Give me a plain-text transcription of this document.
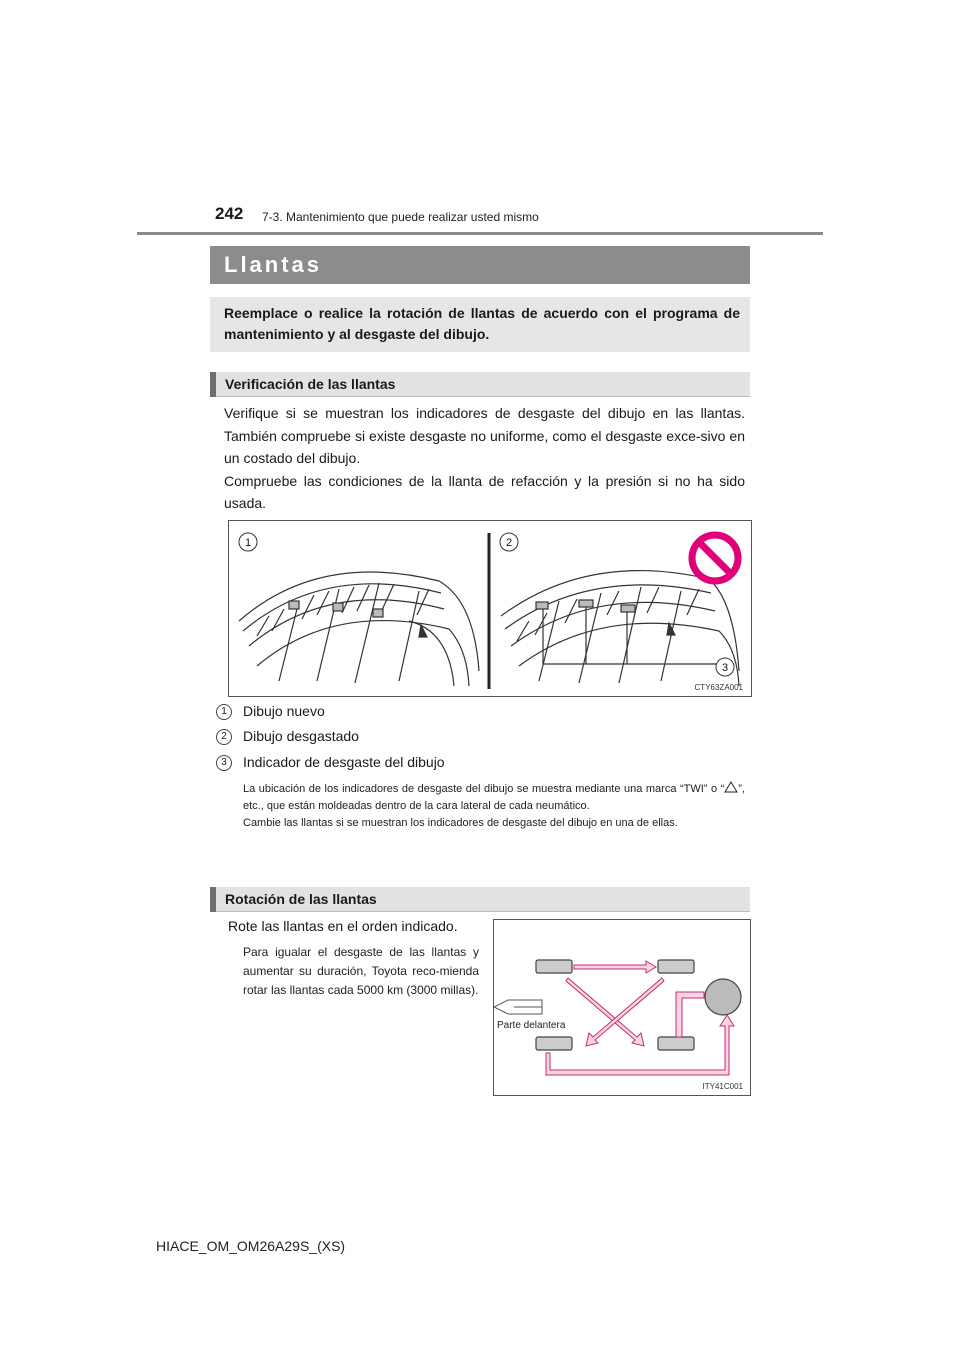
242 7-3. Mantenimiento que puede realizar usted mismo
Llantas
Reemplace o realice la rotación de llantas de acuerdo con el programa de mantenimiento y al desgaste del dibujo.
Verificación de las llantas

Verifique si se muestran los indicadores de desgaste del dibujo en las llantas. También compruebe si existe desgaste no uniforme, como el desgaste exce-sivo en un costado del dibujo.

Compruebe las condiciones de la llanta de refacción y la presión si no ha sido usada.

1	2
3
CTY63ZA001
1	Dibujo nuevo
2	Dibujo desgastado
3	Indicador de desgaste del dibujo

La ubicación de los indicadores de desgaste del dibujo se muestra mediante una marca “TWI” o “ ”, etc., que están moldeadas dentro de la cara lateral de cada neumático.

Cambie las llantas si se muestran los indicadores de desgaste del dibujo en una de ellas.

Rotación de las llantas
Rote las llantas en el orden indicado.
Para igualar el desgaste de las llantas y aumentar su duración, Toyota reco-mienda rotar las llantas cada 5000 km (3000 millas).
Parte delantera
ITY41C001
HIACE_OM_OM26A29S_(XS)
